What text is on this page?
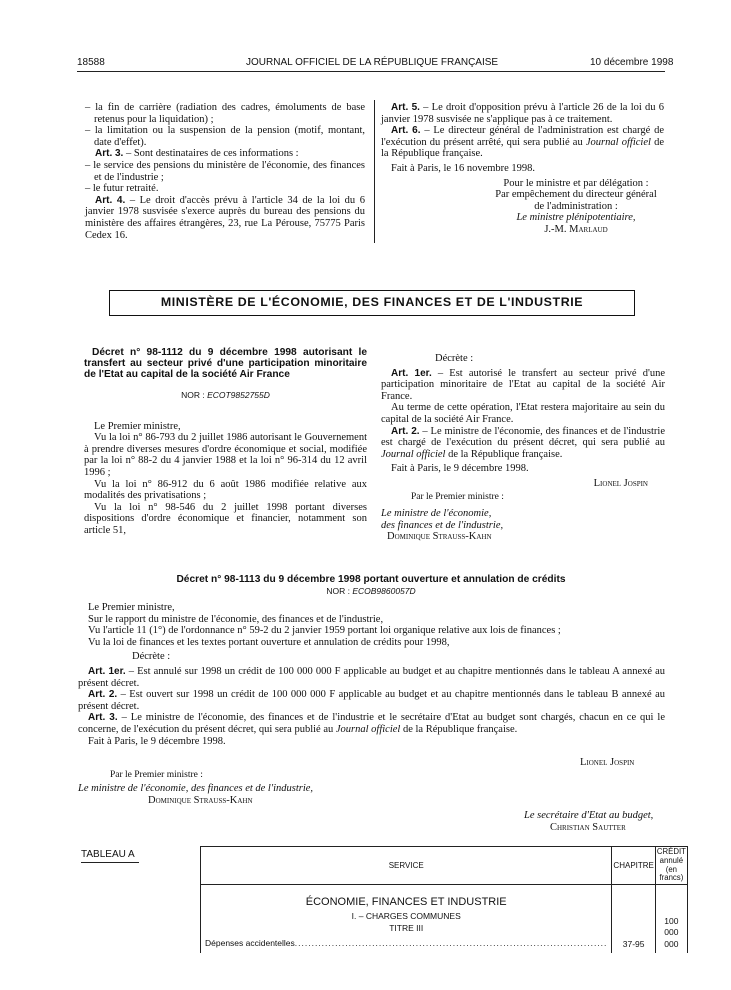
18588	JOURNAL OFFICIEL DE LA RÉPUBLIQUE FRANÇAISE	10 décembre 1998

– la fin de carrière (radiation des cadres, émoluments de base retenus pour la liquidation) ;

– la limitation ou la suspension de la pension (motif, montant, date d'effet).

Art. 3. – Sont destinataires de ces informations :

– le service des pensions du ministère de l'économie, des finances et de l'industrie ;

– le futur retraité.

Art. 4. – Le droit d'accès prévu à l'article 34 de la loi du 6 janvier 1978 susvisée s'exerce auprès du bureau des pensions du ministère des affaires étrangères, 23, rue La Pérouse, 75775 Paris Cedex 16.

Art. 5. – Le droit d'opposition prévu à l'article 26 de la loi du 6 janvier 1978 susvisée ne s'applique pas à ce traitement.

Art. 6. – Le directeur général de l'administration est chargé de l'exécution du présent arrêté, qui sera publié au Journal officiel de la République française.

Fait à Paris, le 16 novembre 1998.

Pour le ministre et par délégation :

Par empêchement du directeur général

de l'administration :

Le ministre plénipotentiaire,

J.-M. Marlaud

MINISTÈRE DE L'ÉCONOMIE, DES FINANCES ET DE L'INDUSTRIE

Décret n° 98-1112 du 9 décembre 1998 autorisant le transfert au secteur privé d'une participation minoritaire de l'Etat au capital de la société Air France

NOR : ECOT9852755D

Le Premier ministre,

Vu la loi n° 86-793 du 2 juillet 1986 autorisant le Gouvernement à prendre diverses mesures d'ordre économique et social, modifiée par la loi n° 88-2 du 4 janvier 1988 et la loi n° 96-314 du 12 avril 1996 ;

Vu la loi n° 86-912 du 6 août 1986 modifiée relative aux modalités des privatisations ;

Vu la loi n° 98-546 du 2 juillet 1998 portant diverses dispositions d'ordre économique et financier, notamment son article 51,

Décrète :

Art. 1er. – Est autorisé le transfert au secteur privé d'une participation minoritaire de l'Etat au capital de la société Air France.

Au terme de cette opération, l'Etat restera majoritaire au sein du capital de la société Air France.

Art. 2. – Le ministre de l'économie, des finances et de l'industrie est chargé de l'exécution du présent décret, qui sera publié au Journal officiel de la République française.

Fait à Paris, le 9 décembre 1998.

Lionel Jospin

Par le Premier ministre :

Le ministre de l'économie,

des finances et de l'industrie,

Dominique Strauss-Kahn

Décret n° 98-1113 du 9 décembre 1998 portant ouverture et annulation de crédits

NOR : ECOB9860057D

Le Premier ministre,

Sur le rapport du ministre de l'économie, des finances et de l'industrie,

Vu l'article 11 (1°) de l'ordonnance n° 59-2 du 2 janvier 1959 portant loi organique relative aux lois de finances ;

Vu la loi de finances et les textes portant ouverture et annulation de crédits pour 1998,

Décrète :

Art. 1er. – Est annulé sur 1998 un crédit de 100 000 000 F applicable au budget et au chapitre mentionnés dans le tableau A annexé au présent décret.

Art. 2. – Est ouvert sur 1998 un crédit de 100 000 000 F applicable au budget et au chapitre mentionnés dans le tableau B annexé au présent décret.

Art. 3. – Le ministre de l'économie, des finances et de l'industrie et le secrétaire d'Etat au budget sont chargés, chacun en ce qui le concerne, de l'exécution du présent décret, qui sera publié au Journal officiel de la République française.

Fait à Paris, le 9 décembre 1998.

Lionel Jospin

Par le Premier ministre :

Le ministre de l'économie, des finances et de l'industrie,

Dominique Strauss-Kahn

Le secrétaire d'Etat au budget,

Christian Sautter

TABLEAU A
SERVICE	CHAPITRE	CRÉDIT
annulé
(en francs)

ÉCONOMIE, FINANCES ET INDUSTRIE
I. – CHARGES COMMUNES
TITRE III
Dépenses accidentelles.............................................................................................	37-95	100 000 000
